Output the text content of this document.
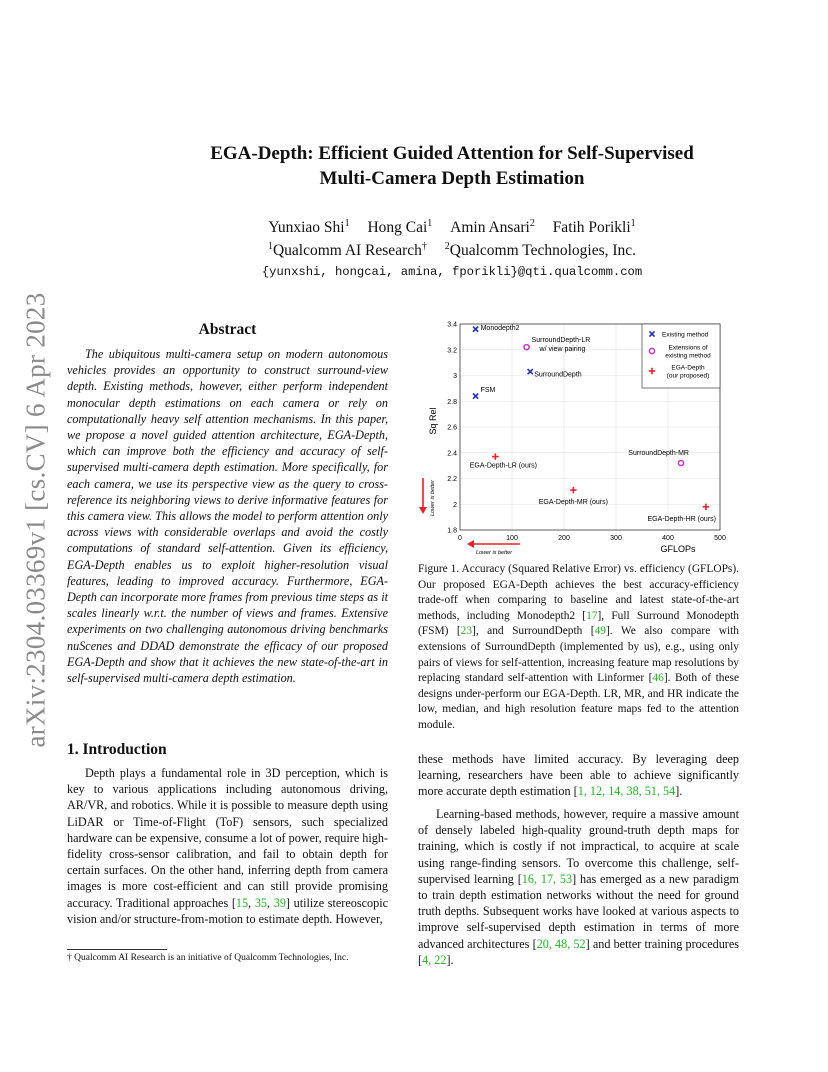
arXiv:2304.03369v1 [cs.CV] 6 Apr 2023
EGA-Depth: Efficient Guided Attention for Self-Supervised
Multi-Camera Depth Estimation
Yunxiao Shi$^1$ Hong Cai$^1$ Amin Ansari$^2$ Fatih Porikli$^1$
$^1$Qualcomm AI Research† $^2$Qualcomm Technologies, Inc.
{yunxshi, hongcai, amina, fporikli}@qti.qualcomm.com
Abstract

The ubiquitous multi-camera setup on modern autonomous vehicles provides an opportunity to construct surround-view depth. Existing methods, however, either perform independent monocular depth estimations on each camera or rely on computationally heavy self attention mechanisms. In this paper, we propose a novel guided attention architecture, EGA-Depth, which can improve both the efficiency and accuracy of self-supervised multi-camera depth estimation. More specifically, for each camera, we use its perspective view as the query to cross-reference its neighboring views to derive informative features for this camera view. This allows the model to perform attention only across views with considerable overlaps and avoid the costly computations of standard self-attention. Given its efficiency, EGA-Depth enables us to exploit higher-resolution visual features, leading to improved accuracy. Furthermore, EGA-Depth can incorporate more frames from previous time steps as it scales linearly w.r.t. the number of views and frames. Extensive experiments on two challenging autonomous driving benchmarks nuScenes and DDAD demonstrate the efficacy of our proposed EGA-Depth and show that it achieves the new state-of-the-art in self-supervised multi-camera depth estimation.

1. Introduction

Depth plays a fundamental role in 3D perception, which is key to various applications including autonomous driving, AR/VR, and robotics. While it is possible to measure depth using LiDAR or Time-of-Flight (ToF) sensors, such specialized hardware can be expensive, consume a lot of power, require high-fidelity cross-sensor calibration, and fail to obtain depth for certain surfaces. On the other hand, inferring depth from camera images is more cost-efficient and can still provide promising accuracy. Traditional approaches [15, 35, 39] utilize stereoscopic vision and/or structure-from-motion to estimate depth. However,

† Qualcomm AI Research is an initiative of Qualcomm Technologies, Inc.
1.8
2
2.2
2.4
2.6
2.8
3
3.2
3.4
0	100	200	300	400	500
GFLOPs
Sq Rel
Lower is better
Lower is better
Monodepth2
FSM
SurroundDepth
SurroundDepth-LR
w/ view pairing
SurroundDepth-MR
EGA-Depth-LR (ours)
EGA-Depth-MR (ours)
EGA-Depth-HR (ours)
Existing method
Extensions of
existing method
EGA-Depth
(our proposed)

Figure 1. Accuracy (Squared Relative Error) vs. efficiency (GFLOPs). Our proposed EGA-Depth achieves the best accuracy-efficiency trade-off when comparing to baseline and latest state-of-the-art methods, including Monodepth2 [17], Full Surround Monodepth (FSM) [23], and SurroundDepth [49]. We also compare with extensions of SurroundDepth (implemented by us), e.g., using only pairs of views for self-attention, increasing feature map resolutions by replacing standard self-attention with Linformer [46]. Both of these designs under-perform our EGA-Depth. LR, MR, and HR indicate the low, median, and high resolution feature maps fed to the attention module.

these methods have limited accuracy. By leveraging deep learning, researchers have been able to achieve significantly more accurate depth estimation [1, 12, 14, 38, 51, 54].

Learning-based methods, however, require a massive amount of densely labeled high-quality ground-truth depth maps for training, which is costly if not impractical, to acquire at scale using range-finding sensors. To overcome this challenge, self-supervised learning [16, 17, 53] has emerged as a new paradigm to train depth estimation networks without the need for ground truth depths. Subsequent works have looked at various aspects to improve self-supervised depth estimation in terms of more advanced architectures [20, 48, 52] and better training procedures [4, 22].
